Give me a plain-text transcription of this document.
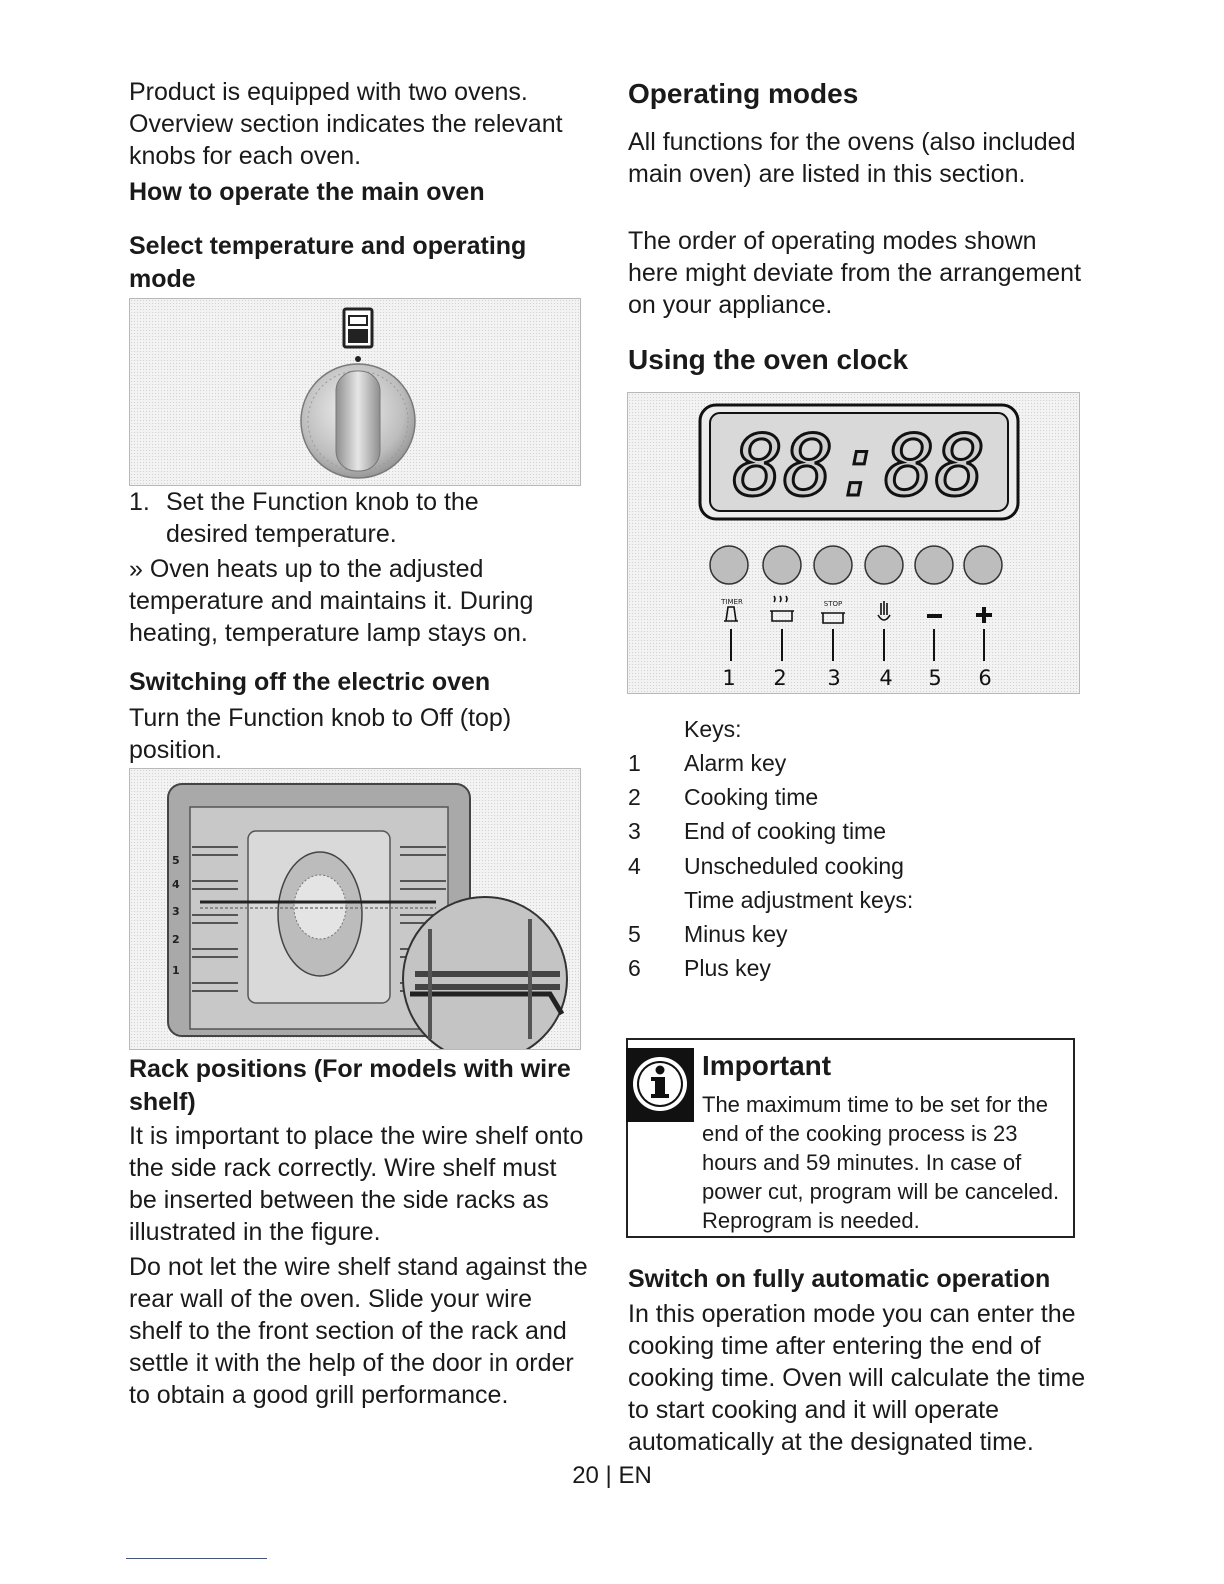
Product is equipped with two ovens. Overview section indicates the relevant knobs for each oven.

How to operate the main oven
Select temperature and operating mode
1. Set the Function knob to the desired temperature.

» Oven heats up to the adjusted temperature and maintains it. During heating, temperature lamp stays on.

Switching off the electric oven

Turn the Function knob to Off (top) position.

5
4
3
2
1
Rack positions (For models with wire shelf)

It is important to place the wire shelf onto the side rack correctly. Wire shelf must be inserted between the side racks as illustrated in the figure.

Do not let the wire shelf stand against the rear wall of the oven. Slide your wire shelf to the front section of the rack and settle it with the help of the door in order to obtain a good grill performance.

Operating modes

All functions for the ovens (also included main oven) are listed in this section.

The order of operating modes shown here might deviate from the arrangement on your appliance.

Using the oven clock
88:88
TIMER	STOP
1 2 3 4 5 6
Keys:
1 Alarm key
2 Cooking time
3 End of cooking time
4 Unscheduled cooking
Time adjustment keys:
5 Minus key
6 Plus key
Important

The maximum time to be set for the end of the cooking process is 23 hours and 59 minutes. In case of power cut, program will be canceled. Reprogram is needed.

Switch on fully automatic operation

In this operation mode you can enter the cooking time after entering the end of cooking time. Oven will calculate the time to start cooking and it will operate automatically at the designated time.

20 | EN
